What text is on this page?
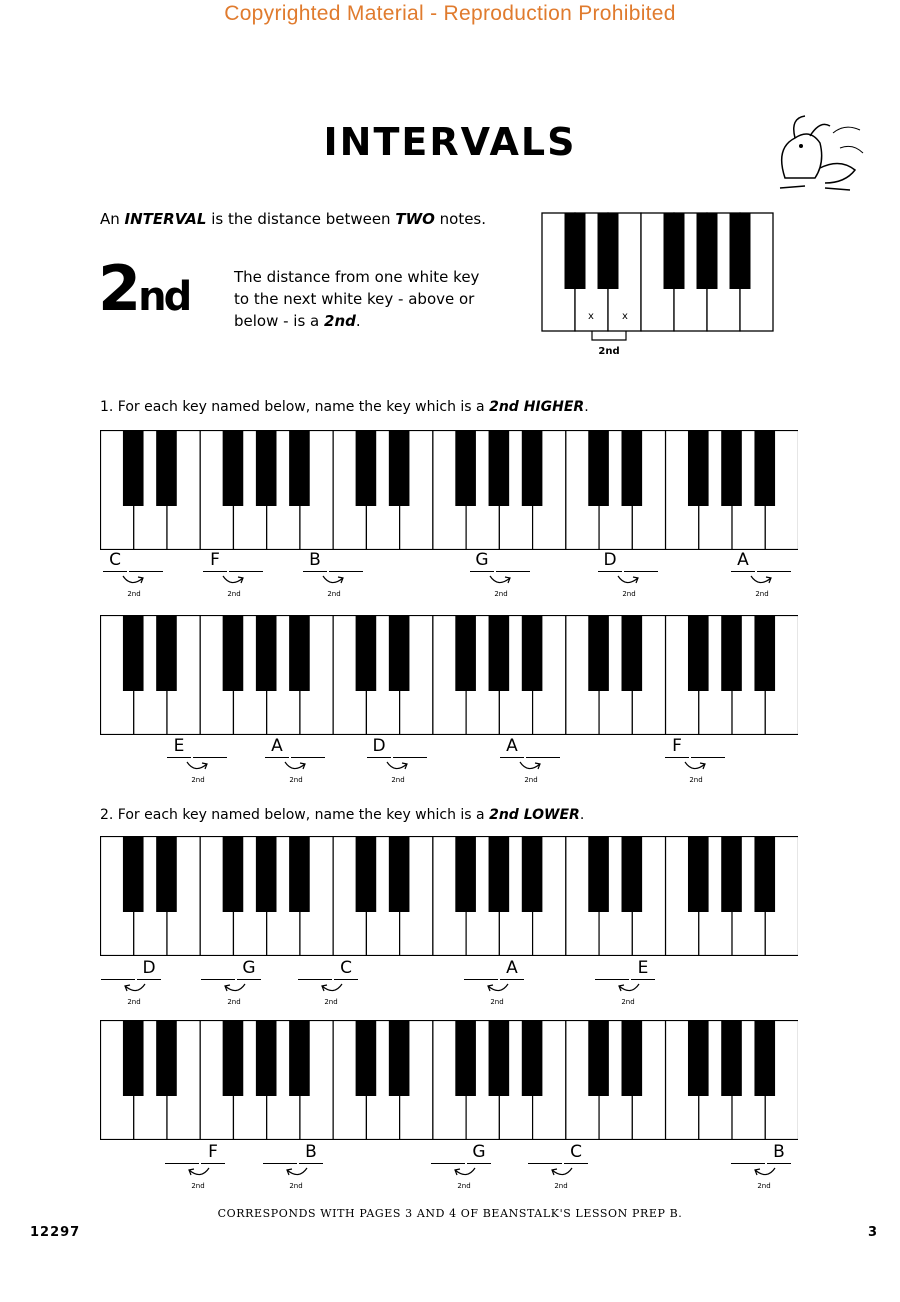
Copyrighted Material - Reproduction Prohibited
INTERVALS
An INTERVAL is the distance between TWO notes.
2nd	The distance from one white key
to the next white key - above or
below - is a 2nd.	x	x
2nd
1. For each key named below, name the key which is a 2nd HIGHER.
2. For each key named below, name the key which is a 2nd LOWER.
C
2nd
F
2nd
B
2nd
G
2nd
D
2nd
A
2nd
E
2nd
A
2nd
D
2nd
A
2nd
F
2nd
D
2nd
G
2nd
C
2nd
A
2nd
E
2nd
F
2nd
B
2nd
G
2nd
C
2nd
B
2nd
CORRESPONDS WITH PAGES 3 AND 4 OF BEANSTALK'S LESSON PREP B.
12297	3
